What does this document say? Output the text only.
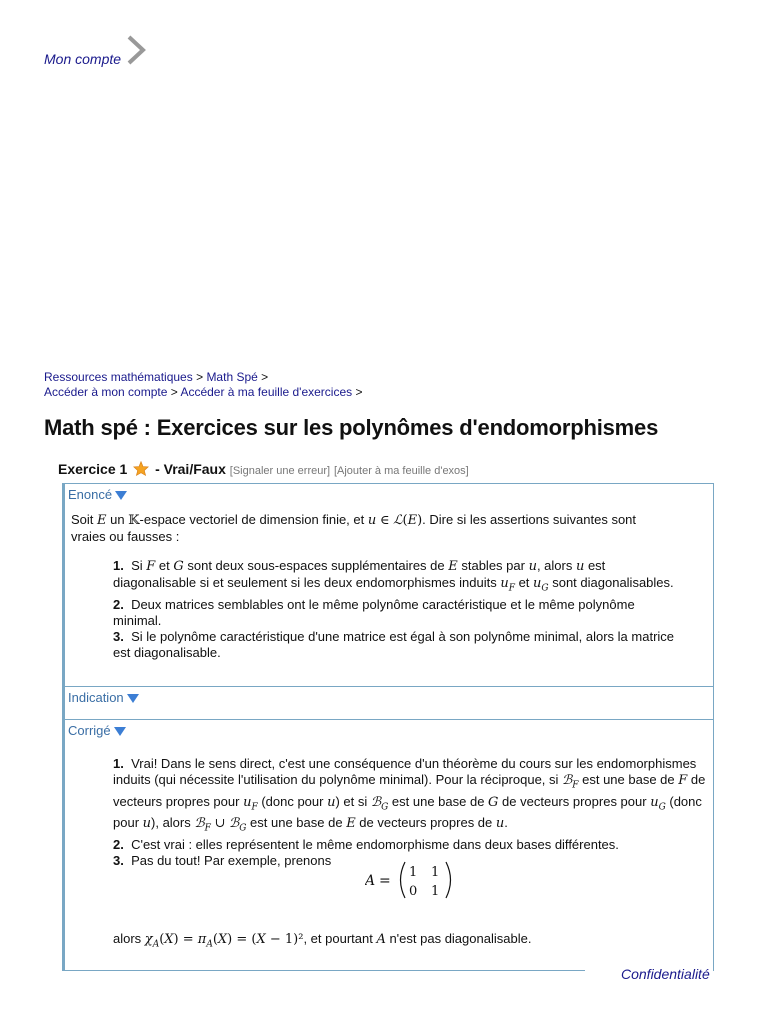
Mon compte
Ressources mathématiques > Math Spé >
Accéder à mon compte > Accéder à ma feuille d'exercices >
Math spé : Exercices sur les polynômes d'endomorphismes
Exercice 1 - Vrai/Faux [Signaler une erreur] [Ajouter à ma feuille d'exos]
Enoncé
Soit E un 𝕂-espace vectoriel de dimension finie, et u ∈ ℒ(E). Dire si les assertions suivantes sont
vraies ou fausses :
1.  Si F et G sont deux sous-espaces supplémentaires de E stables par u, alors u est diagonalisable si et seulement si les deux endomorphismes induits $u_F$ et $u_G$ sont diagonalisables.
2.  Deux matrices semblables ont le même polynôme caractéristique et le même polynôme minimal.
3.  Si le polynôme caractéristique d'une matrice est égal à son polynôme minimal, alors la matrice est diagonalisable.
Indication
Corrigé
1.  Vrai! Dans le sens direct, c'est une conséquence d'un théorème du cours sur les endomorphismes induits (qui nécessite l'utilisation du polynôme minimal). Pour la réciproque, si ℬ$_F$ est une base de F de vecteurs propres pour $u_F$ (donc pour u) et si ℬ$_G$ est une base de G de vecteurs propres pour $u_G$ (donc pour u), alors ℬ$_F$ ∪ ℬ$_G$ est une base de E de vecteurs propres de u.
2.  C'est vrai : elles représentent le même endomorphisme dans deux bases différentes.
3.  Pas du tout! Par exemple, prenons
A =
1 1
0 1
alors $\chi_A(X) = \pi_A(X) = (X - 1)^2$, et pourtant A n'est pas diagonalisable.
Confidentialité
